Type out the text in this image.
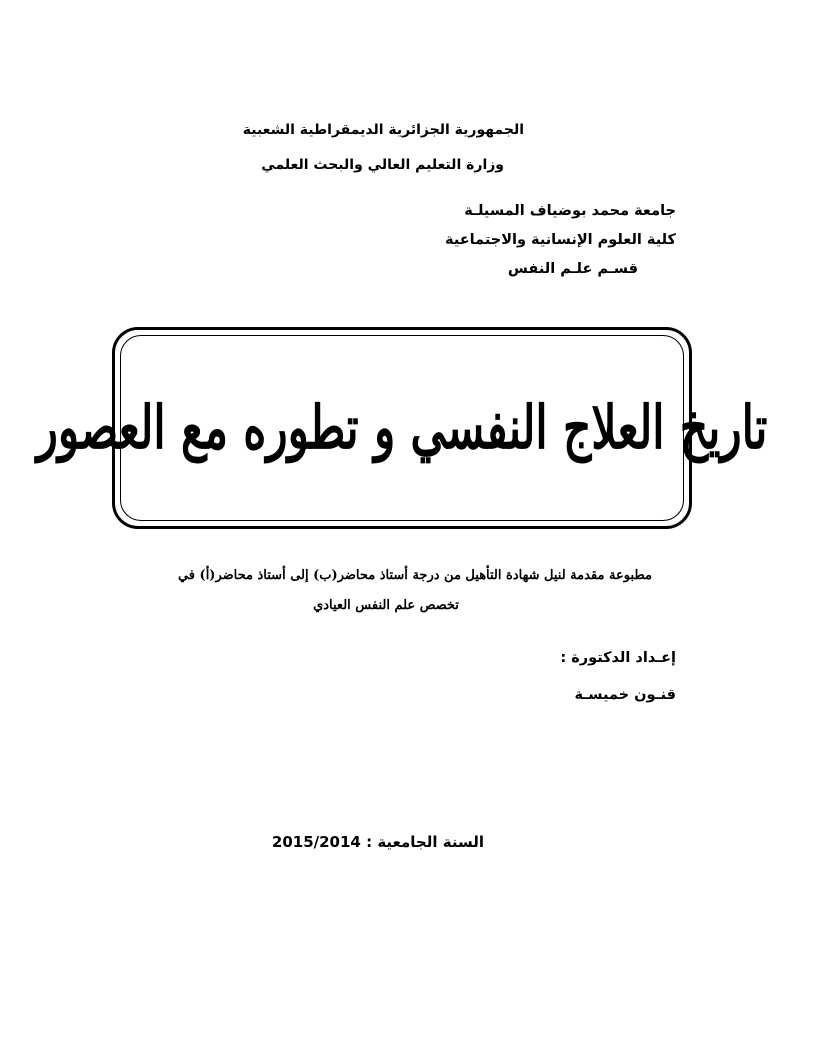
الجمهورية الجزائرية الديمقراطية الشعبية
وزارة التعليم العالي والبحث العلمي
جامعة محمد بوضياف المسيلـة
كلية العلوم الإنسانية والاجتماعية
قسـم علـم النفس
تاريخ العلاج النفسي و تطوره مع العصور
مطبوعة مقدمة لنيل شهادة التأهيل من درجة أستاذ محاضر(ب) إلى أستاذ محاضر(أ) في
تخصص علم النفس العيادي
إعـداد الدكتورة :
قنـون خميسـة
السنة الجامعية : 2015/2014
